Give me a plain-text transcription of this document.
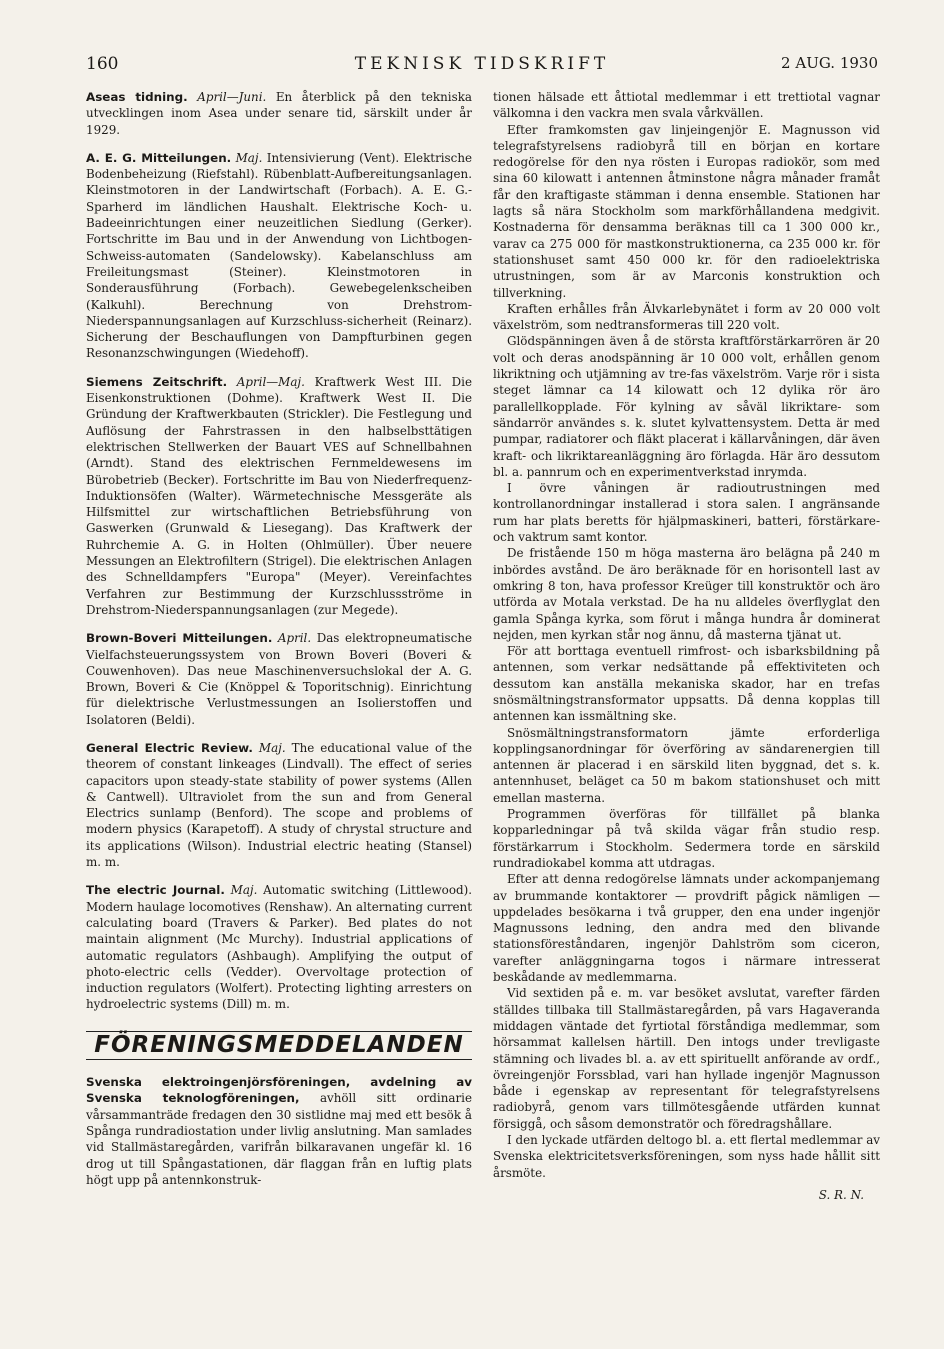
160	TEKNISK TIDSKRIFT	2 AUG. 1930

Aseas tidning. April—Juni. En återblick på den tekniska utvecklingen inom Asea under senare tid, särskilt under år 1929.

A. E. G. Mitteilungen. Maj. Intensivierung (Vent). Elektrische Bodenbeheizung (Riefstahl). Rübenblatt-Aufbereitungsanlagen. Kleinstmotoren in der Landwirtschaft (Forbach). A. E. G.-Sparherd im ländlichen Haushalt. Elektrische Koch- u. Badeeinrichtungen einer neuzeitlichen Siedlung (Gerker). Fortschritte im Bau und in der Anwendung von Lichtbogen-Schweiss-automaten (Sandelowsky). Kabelanschluss am Freileitungsmast (Steiner). Kleinstmotoren in Sonderausführung (Forbach). Gewebegelenkscheiben (Kalkuhl). Berechnung von Drehstrom-Niederspannungsanlagen auf Kurzschluss-sicherheit (Reinarz). Sicherung der Beschauflungen von Dampfturbinen gegen Resonanzschwingungen (Wiedehoff).

Siemens Zeitschrift. April—Maj. Kraftwerk West III. Die Eisenkonstruktionen (Dohme). Kraftwerk West II. Die Gründung der Kraftwerkbauten (Strickler). Die Festlegung und Auflösung der Fahrstrassen in den halbselbsttätigen elektrischen Stellwerken der Bauart VES auf Schnellbahnen (Arndt). Stand des elektrischen Fernmeldewesens im Bürobetrieb (Becker). Fortschritte im Bau von Niederfrequenz-Induktionsöfen (Walter). Wärmetechnische Messgeräte als Hilfsmittel zur wirtschaftlichen Betriebsführung von Gaswerken (Grunwald & Liesegang). Das Kraftwerk der Ruhrchemie A. G. in Holten (Ohlmüller). Über neuere Messungen an Elektrofiltern (Strigel). Die elektrischen Anlagen des Schnelldampfers "Europa" (Meyer). Vereinfachtes Verfahren zur Bestimmung der Kurzschlussströme in Drehstrom-Niederspannungsanlagen (zur Megede).

Brown-Boveri Mitteilungen. April. Das elektropneumatische Vielfachsteuerungssystem von Brown Boveri (Boveri & Couwenhoven). Das neue Maschinenversuchslokal der A. G. Brown, Boveri & Cie (Knöppel & Toporitschnig). Einrichtung für dielektrische Verlustmessungen an Isolierstoffen und Isolatoren (Beldi).

General Electric Review. Maj. The educational value of the theorem of constant linkeages (Lindvall). The effect of series capacitors upon steady-state stability of power systems (Allen & Cantwell). Ultraviolet from the sun and from General Electrics sunlamp (Benford). The scope and problems of modern physics (Karapetoff). A study of chrystal structure and its applications (Wilson). Industrial electric heating (Stansel) m. m.

The electric Journal. Maj. Automatic switching (Littlewood). Modern haulage locomotives (Renshaw). An alternating current calculating board (Travers & Parker). Bed plates do not maintain alignment (Mc Murchy). Industrial applications of automatic regulators (Ashbaugh). Amplifying the output of photo-electric cells (Vedder). Overvoltage protection of induction regulators (Wolfert). Protecting lighting arresters on hydroelectric systems (Dill) m. m.

FÖRENINGSMEDDELANDEN

Svenska elektroingenjörsföreningen, avdelning av Svenska teknologföreningen, avhöll sitt ordinarie vårsammanträde fredagen den 30 sistlidne maj med ett besök å Spånga rundradiostation under livlig anslutning. Man samlades vid Stallmästaregården, varifrån bilkaravanen ungefär kl. 16 drog ut till Spångastationen, där flaggan från en luftig plats högt upp på antennkonstruk-

tionen hälsade ett åttiotal medlemmar i ett trettiotal vagnar välkomna i den vackra men svala vårkvällen.

Efter framkomsten gav linjeingenjör E. Magnusson vid telegrafstyrelsens radiobyrå till en början en kortare redogörelse för den nya rösten i Europas radiokör, som med sina 60 kilowatt i antennen åtminstone några månader framåt får den kraftigaste stämman i denna ensemble. Stationen har lagts så nära Stockholm som markförhållandena medgivit. Kostnaderna för densamma beräknas till ca 1 300 000 kr., varav ca 275 000 för mastkonstruktionerna, ca 235 000 kr. för stationshuset samt 450 000 kr. för den radioelektriska utrustningen, som är av Marconis konstruktion och tillverkning.

Kraften erhålles från Älvkarlebynätet i form av 20 000 volt växelström, som nedtransformeras till 220 volt.

Glödspänningen även å de största kraftförstärkarrören är 20 volt och deras anodspänning är 10 000 volt, erhållen genom likriktning och utjämning av tre-fas växelström. Varje rör i sista steget lämnar ca 14 kilowatt och 12 dylika rör äro parallellkopplade. För kylning av såväl likriktare- som sändarrör användes s. k. slutet kylvattensystem. Detta är med pumpar, radiatorer och fläkt placerat i källarvåningen, där även kraft- och likriktareanläggning äro förlagda. Här äro dessutom bl. a. pannrum och en experimentverkstad inrymda.

I övre våningen är radioutrustningen med kontrollanordningar installerad i stora salen. I angränsande rum har plats beretts för hjälpmaskineri, batteri, förstärkare- och vaktrum samt kontor.

De fristående 150 m höga masterna äro belägna på 240 m inbördes avstånd. De äro beräknade för en horisontell last av omkring 8 ton, hava professor Kreüger till konstruktör och äro utförda av Motala verkstad. De ha nu alldeles överflyglat den gamla Spånga kyrka, som förut i många hundra år dominerat nejden, men kyrkan står nog ännu, då masterna tjänat ut.

För att borttaga eventuell rimfrost- och isbarksbildning på antennen, som verkar nedsättande på effektiviteten och dessutom kan anställa mekaniska skador, har en trefas snösmältningstransformator uppsatts. Då denna kopplas till antennen kan issmältning ske.

Snösmältningstransformatorn jämte erforderliga kopplingsanordningar för överföring av sändarenergien till antennen är placerad i en särskild liten byggnad, det s. k. antennhuset, beläget ca 50 m bakom stationshuset och mitt emellan masterna.

Programmen överföras för tillfället på blanka kopparledningar på två skilda vägar från studio resp. förstärkarrum i Stockholm. Sedermera torde en särskild rundradiokabel komma att utdragas.

Efter att denna redogörelse lämnats under ackompanjemang av brummande kontaktorer — provdrift pågick nämligen — uppdelades besökarna i två grupper, den ena under ingenjör Magnussons ledning, den andra med den blivande stationsföreståndaren, ingenjör Dahlström som ciceron, varefter anläggningarna togos i närmare intresserat beskådande av medlemmarna.

Vid sextiden på e. m. var besöket avslutat, varefter färden ställdes tillbaka till Stallmästaregården, på vars Hagaveranda middagen väntade det fyrtiotal förståndiga medlemmar, som hörsammat kallelsen härtill. Den intogs under trevligaste stämning och livades bl. a. av ett spirituellt anförande av ordf., övreingenjör Forssblad, vari han hyllade ingenjör Magnusson både i egenskap av representant för telegrafstyrelsens radiobyrå, genom vars tillmötesgående utfärden kunnat försiggå, och såsom demonstratör och föredragshållare.

I den lyckade utfärden deltogo bl. a. ett flertal medlemmar av Svenska elektricitetsverksföreningen, som nyss hade hållit sitt årsmöte.

S. R. N.
